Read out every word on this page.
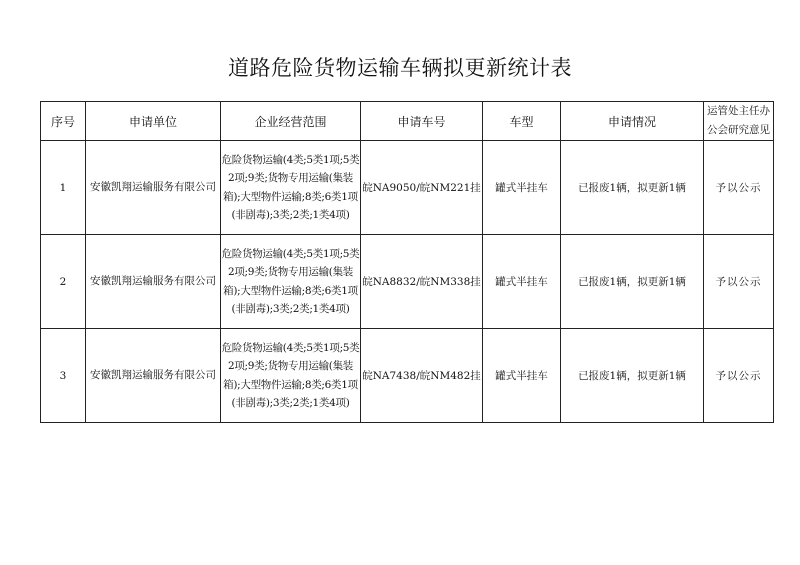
道路危险货物运输车辆拟更新统计表
序号	申请单位	企业经营范围	申请车号	车型	申请情况	运管处主任办
公会研究意见

1	安徽凯翔运输服务有限公司	危险货物运输(4类;5类1项;5类2项;9类;货物专用运输(集装箱);大型物件运输;8类;6类1项(非剧毒);3类;2类;1类4项)	皖NA9050/皖NM221挂	罐式半挂车	已报废1辆，拟更新1辆	予以公示
2	安徽凯翔运输服务有限公司	危险货物运输(4类;5类1项;5类2项;9类;货物专用运输(集装箱);大型物件运输;8类;6类1项(非剧毒);3类;2类;1类4项)	皖NA8832/皖NM338挂	罐式半挂车	已报废1辆，拟更新1辆	予以公示
3	安徽凯翔运输服务有限公司	危险货物运输(4类;5类1项;5类2项;9类;货物专用运输(集装箱);大型物件运输;8类;6类1项(非剧毒);3类;2类;1类4项)	皖NA7438/皖NM482挂	罐式半挂车	已报废1辆，拟更新1辆	予以公示
